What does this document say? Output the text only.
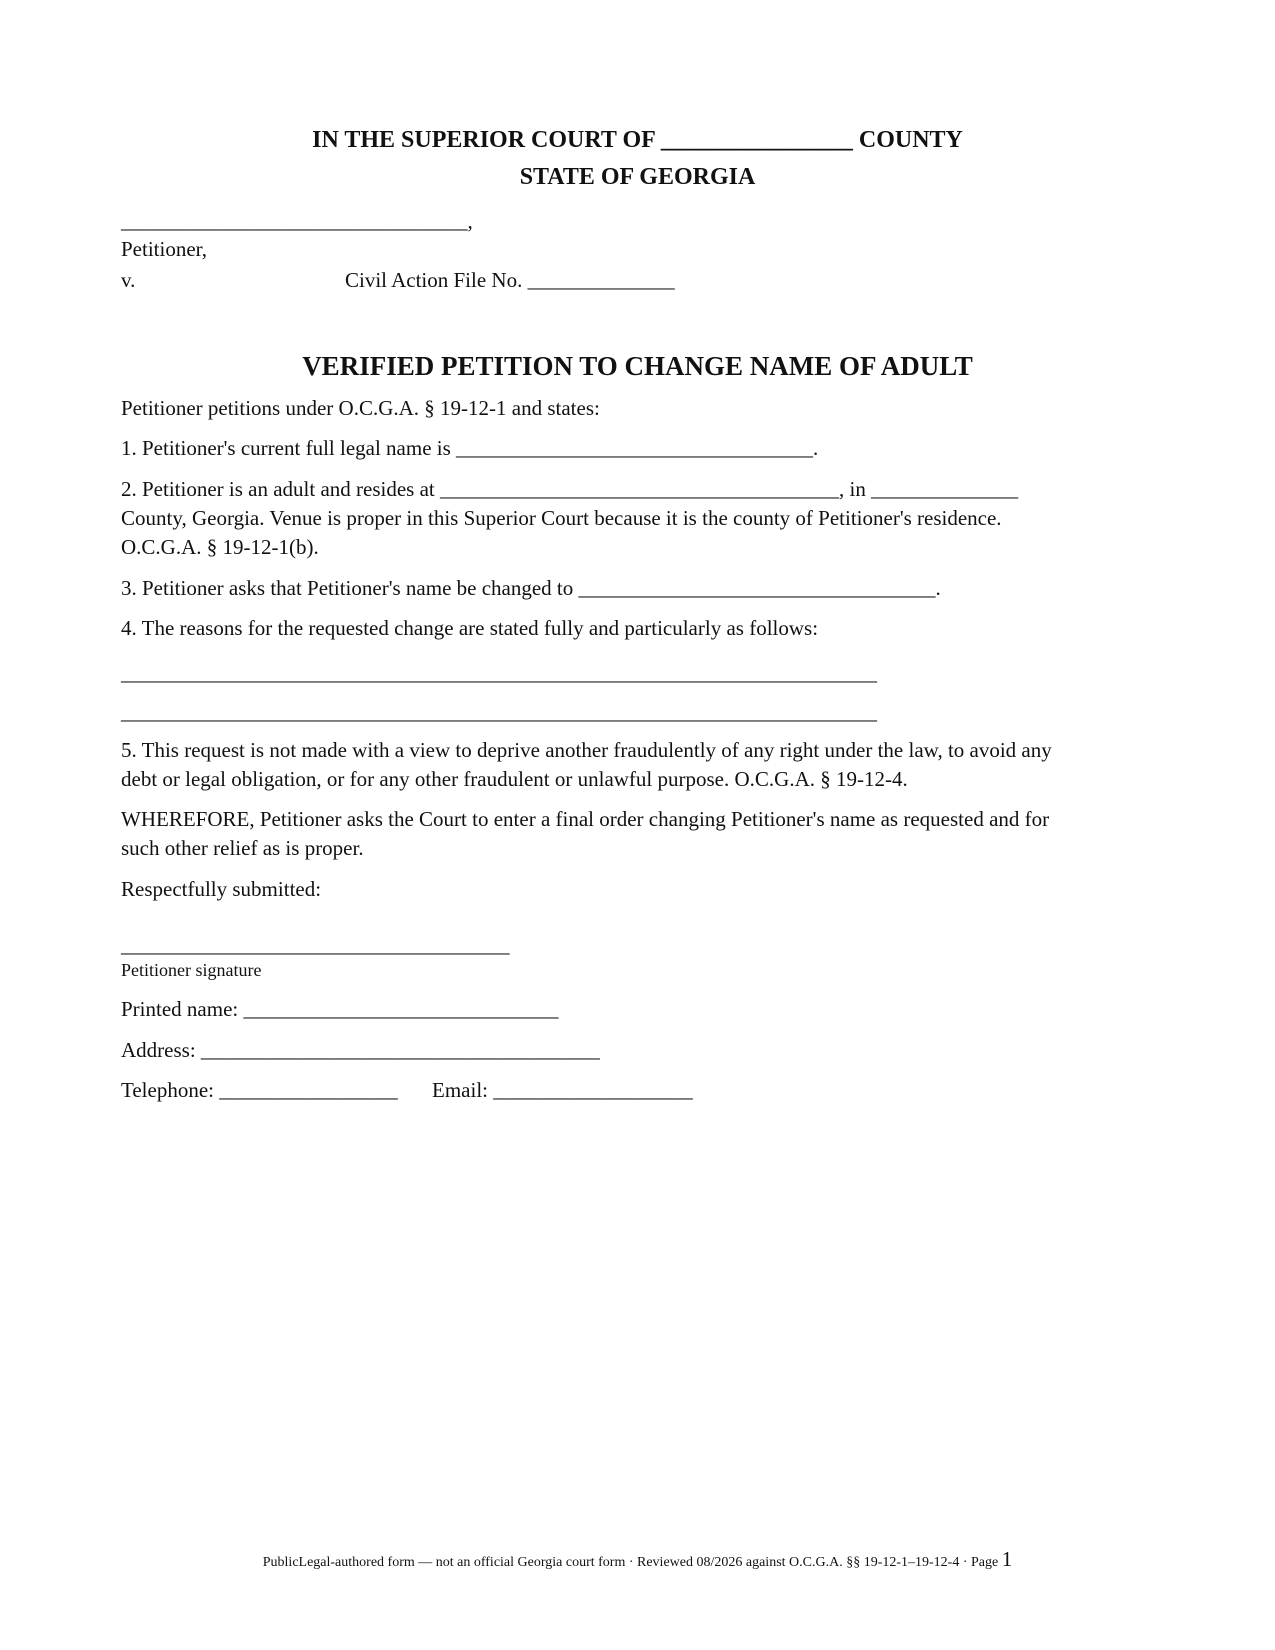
IN THE SUPERIOR COURT OF ________________ COUNTY
STATE OF GEORGIA
_________________________________,
Petitioner,
v.	Civil Action File No. ______________
VERIFIED PETITION TO CHANGE NAME OF ADULT
Petitioner petitions under O.C.G.A. § 19-12-1 and states:
1. Petitioner's current full legal name is __________________________________.
2. Petitioner is an adult and resides at ______________________________________, in ______________
County, Georgia. Venue is proper in this Superior Court because it is the county of Petitioner's residence.
O.C.G.A. § 19-12-1(b).
3. Petitioner asks that Petitioner's name be changed to __________________________________.
4. The reasons for the requested change are stated fully and particularly as follows:
________________________________________________________________________
________________________________________________________________________
5. This request is not made with a view to deprive another fraudulently of any right under the law, to avoid any
debt or legal obligation, or for any other fraudulent or unlawful purpose. O.C.G.A. § 19-12-4.
WHEREFORE, Petitioner asks the Court to enter a final order changing Petitioner's name as requested and for
such other relief as is proper.
Respectfully submitted:
_____________________________________
Petitioner signature
Printed name: ______________________________
Address: ______________________________________
Telephone: _________________ Email: ___________________
PublicLegal-authored form — not an official Georgia court form · Reviewed 08/2026 against O.C.G.A. §§ 19-12-1–19-12-4 · Page 1
